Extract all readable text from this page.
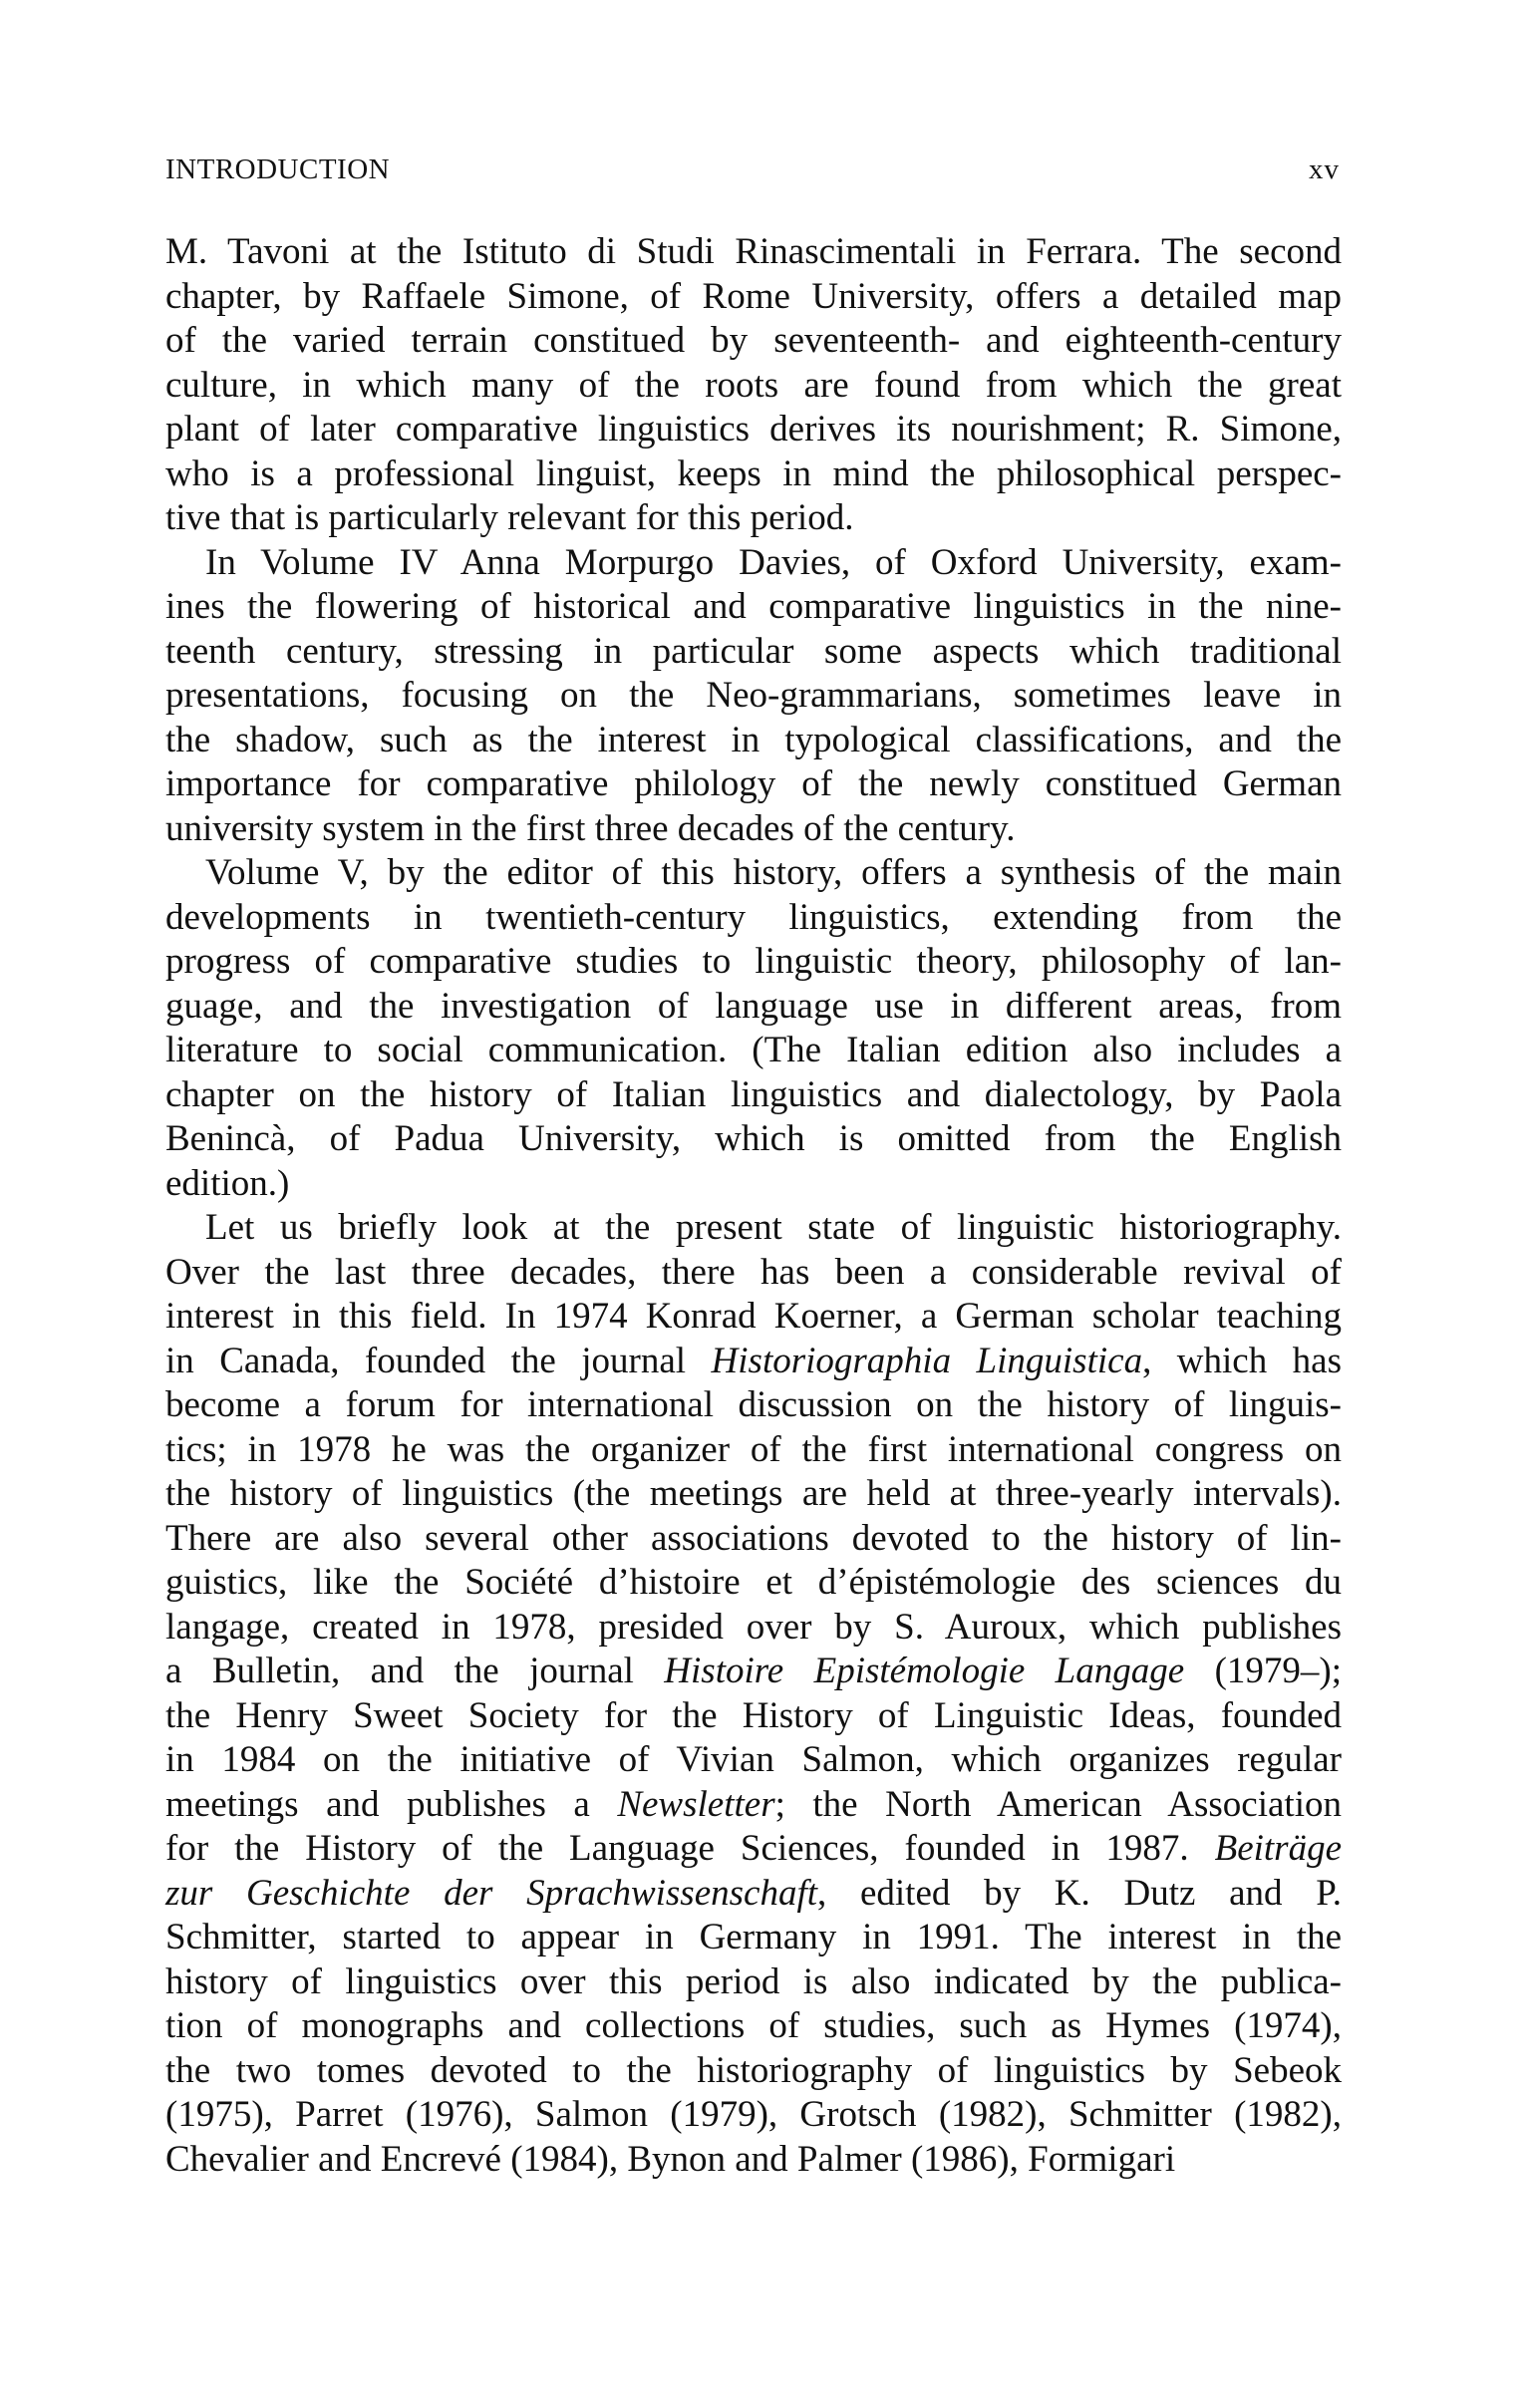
INTRODUCTION	xv

M. Tavoni at the Istituto di Studi Rinascimentali in Ferrara. The second
chapter, by Raffaele Simone, of Rome University, offers a detailed map
of the varied terrain constitued by seventeenth- and eighteenth-century
culture, in which many of the roots are found from which the great
plant of later comparative linguistics derives its nourishment; R. Simone,
who is a professional linguist, keeps in mind the philosophical perspec-
tive that is particularly relevant for this period.

In Volume IV Anna Morpurgo Davies, of Oxford University, exam-
ines the flowering of historical and comparative linguistics in the nine-
teenth century, stressing in particular some aspects which traditional
presentations, focusing on the Neo-grammarians, sometimes leave in
the shadow, such as the interest in typological classifications, and the
importance for comparative philology of the newly constitued German
university system in the first three decades of the century.

Volume V, by the editor of this history, offers a synthesis of the main
developments in twentieth-century linguistics, extending from the
progress of comparative studies to linguistic theory, philosophy of lan-
guage, and the investigation of language use in different areas, from
literature to social communication. (The Italian edition also includes a
chapter on the history of Italian linguistics and dialectology, by Paola
Benincà, of Padua University, which is omitted from the English
edition.)

Let us briefly look at the present state of linguistic historiography.
Over the last three decades, there has been a considerable revival of
interest in this field. In 1974 Konrad Koerner, a German scholar teaching
in Canada, founded the journal Historiographia Linguistica, which has
become a forum for international discussion on the history of linguis-
tics; in 1978 he was the organizer of the first international congress on
the history of linguistics (the meetings are held at three-yearly intervals).
There are also several other associations devoted to the history of lin-
guistics, like the Société d’histoire et d’épistémologie des sciences du
langage, created in 1978, presided over by S. Auroux, which publishes
a Bulletin, and the journal Histoire Epistémologie Langage (1979–);
the Henry Sweet Society for the History of Linguistic Ideas, founded
in 1984 on the initiative of Vivian Salmon, which organizes regular
meetings and publishes a Newsletter; the North American Association
for the History of the Language Sciences, founded in 1987. Beiträge
zur Geschichte der Sprachwissenschaft, edited by K. Dutz and P.
Schmitter, started to appear in Germany in 1991. The interest in the
history of linguistics over this period is also indicated by the publica-
tion of monographs and collections of studies, such as Hymes (1974),
the two tomes devoted to the historiography of linguistics by Sebeok
(1975), Parret (1976), Salmon (1979), Grotsch (1982), Schmitter (1982),
Chevalier and Encrevé (1984), Bynon and Palmer (1986), Formigari
